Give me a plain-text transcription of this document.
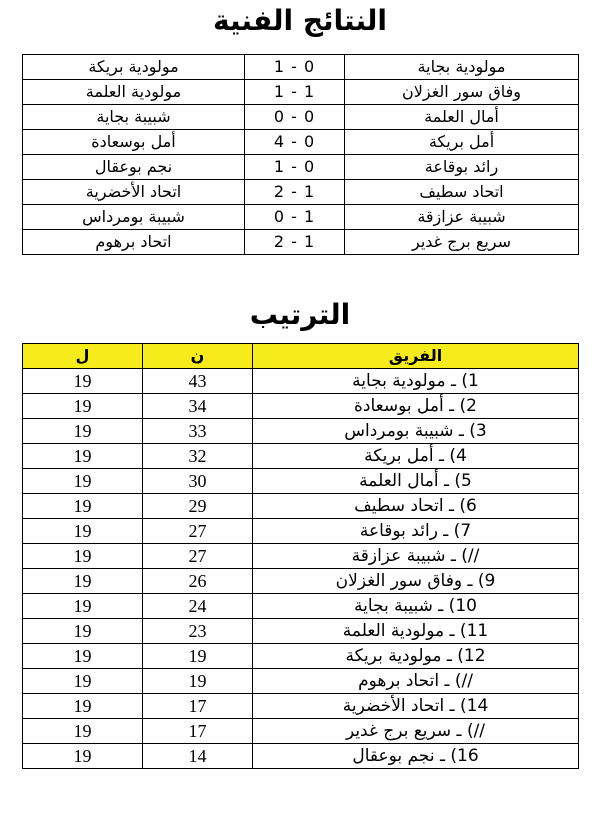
النتائج الفنية
مولودية بريكة	1 - 0	مولودية بجاية
مولودية العلمة	1 - 1	وفاق سور الغزلان
شبيبة بجاية	0 - 0	أمال العلمة
أمل بوسعادة	4 - 0	أمل بريكة
نجم بوعقال	1 - 0	رائد بوقاعة
اتحاد الأخضرية	2 - 1	اتحاد سطيف
شبيبة بومرداس	0 - 1	شبيبة عزازقة
اتحاد برهوم	2 - 1	سريع برج غدير
الترتيب
ل	ن	الفريق
19	43	1) ـ مولودية بجاية
19	34	2) ـ أمل بوسعادة
19	33	3) ـ شبيبة بومرداس
19	32	4) ـ أمل بريكة
19	30	5) ـ أمال العلمة
19	29	6) ـ اتحاد سطيف
19	27	7) ـ رائد بوقاعة
19	27	//) ـ شبيبة عزازقة
19	26	9) ـ وفاق سور الغزلان
19	24	10) ـ شبيبة بجاية
19	23	11) ـ مولودية العلمة
19	19	12) ـ مولودية بريكة
19	19	//) ـ اتحاد برهوم
19	17	14) ـ اتحاد الأخضرية
19	17	//) ـ سريع برج غدير
19	14	16) ـ نجم بوعقال
